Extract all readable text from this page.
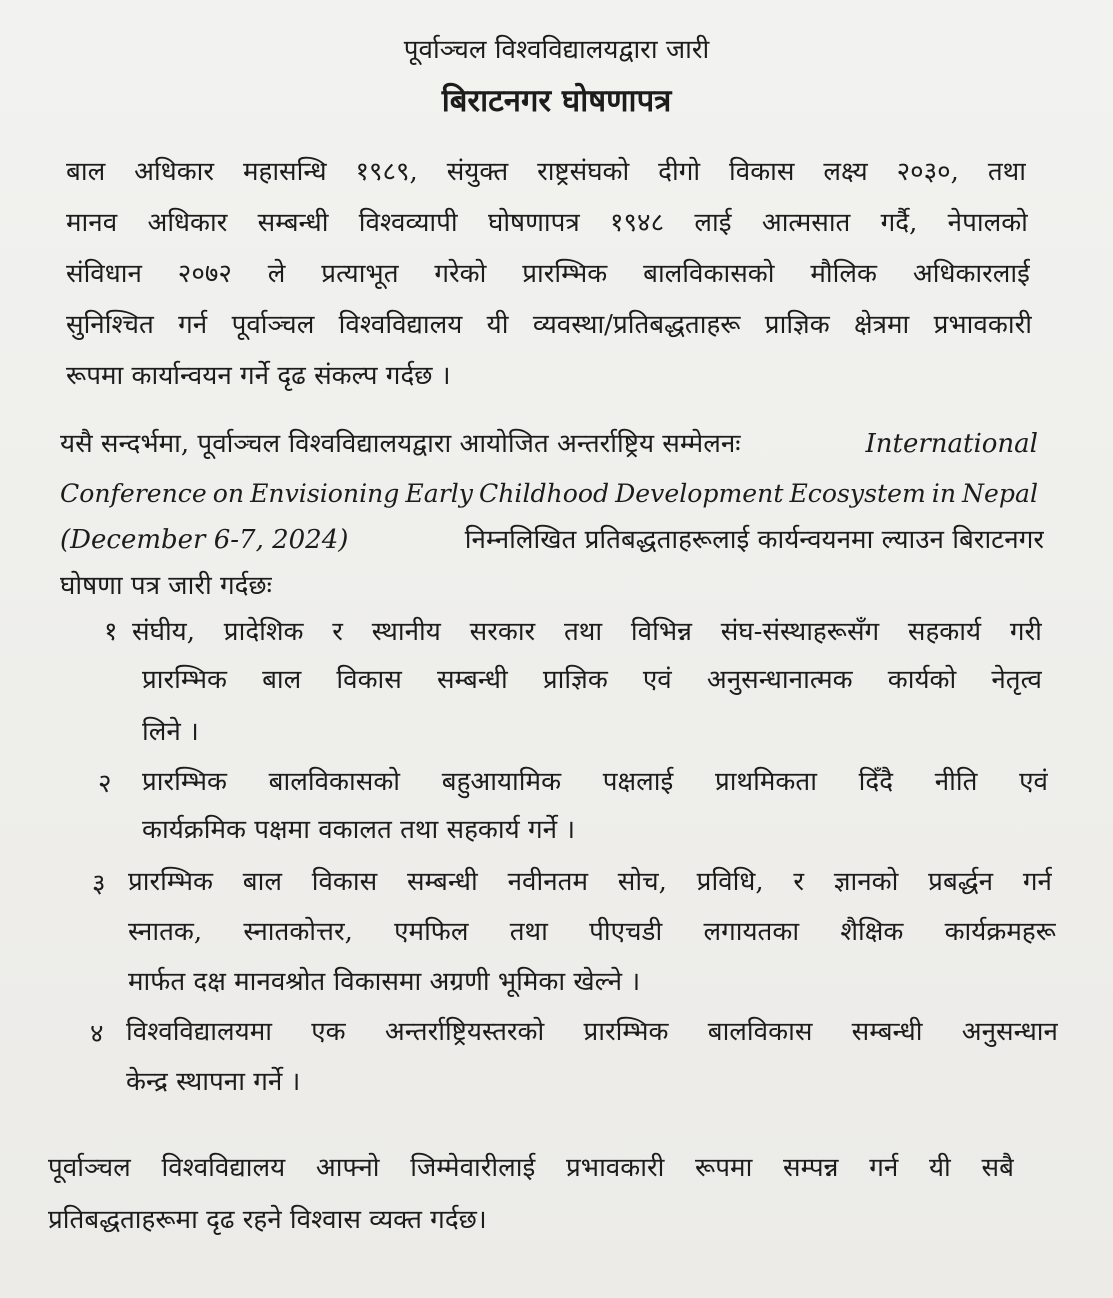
पूर्वाञ्चल विश्वविद्यालयद्वारा जारी
बिराटनगर घोषणापत्र
बाल अधिकार महासन्धि १९८९, संयुक्त राष्ट्रसंघको दीगो विकास लक्ष्य २०३०, तथा
मानव अधिकार सम्बन्धी विश्वव्यापी घोषणापत्र १९४८ लाई आत्मसात गर्दै, नेपालको
संविधान २०७२ ले प्रत्याभूत गरेको प्रारम्भिक बालविकासको मौलिक अधिकारलाई
सुनिश्चित गर्न पूर्वाञ्चल विश्वविद्यालय यी व्यवस्था/प्रतिबद्धताहरू प्राज्ञिक क्षेत्रमा प्रभावकारी
रूपमा कार्यान्वयन गर्ने दृढ संकल्प गर्दछ ।
यसै सन्दर्भमा, पूर्वाञ्चल विश्वविद्यालयद्वारा आयोजित अन्तर्राष्ट्रिय सम्मेलनः	International
Conference on Envisioning Early Childhood Development Ecosystem in Nepal
(December 6-7, 2024)	निम्नलिखित प्रतिबद्धताहरूलाई कार्यन्वयनमा ल्याउन बिराटनगर
घोषणा पत्र जारी गर्दछः
१ संघीय, प्रादेशिक र स्थानीय सरकार तथा विभिन्न संघ-संस्थाहरूसँग सहकार्य गरी
प्रारम्भिक बाल विकास सम्बन्धी प्राज्ञिक एवं अनुसन्धानात्मक कार्यको नेतृत्व
लिने ।
२ प्रारम्भिक बालविकासको बहुआयामिक पक्षलाई प्राथमिकता दिँदै नीति एवं
कार्यक्रमिक पक्षमा वकालत तथा सहकार्य गर्ने ।
३ प्रारम्भिक बाल विकास सम्बन्धी नवीनतम सोच, प्रविधि, र ज्ञानको प्रबर्द्धन गर्न
स्नातक, स्नातकोत्तर, एमफिल तथा पीएचडी लगायतका शैक्षिक कार्यक्रमहरू
मार्फत दक्ष मानवश्रोत विकासमा अग्रणी भूमिका खेल्ने ।
४ विश्वविद्यालयमा एक अन्तर्राष्ट्रियस्तरको प्रारम्भिक बालविकास सम्बन्धी अनुसन्धान
केन्द्र स्थापना गर्ने ।
पूर्वाञ्चल विश्वविद्यालय आफ्नो जिम्मेवारीलाई प्रभावकारी रूपमा सम्पन्न गर्न यी सबै
प्रतिबद्धताहरूमा दृढ रहने विश्वास व्यक्त गर्दछ।
